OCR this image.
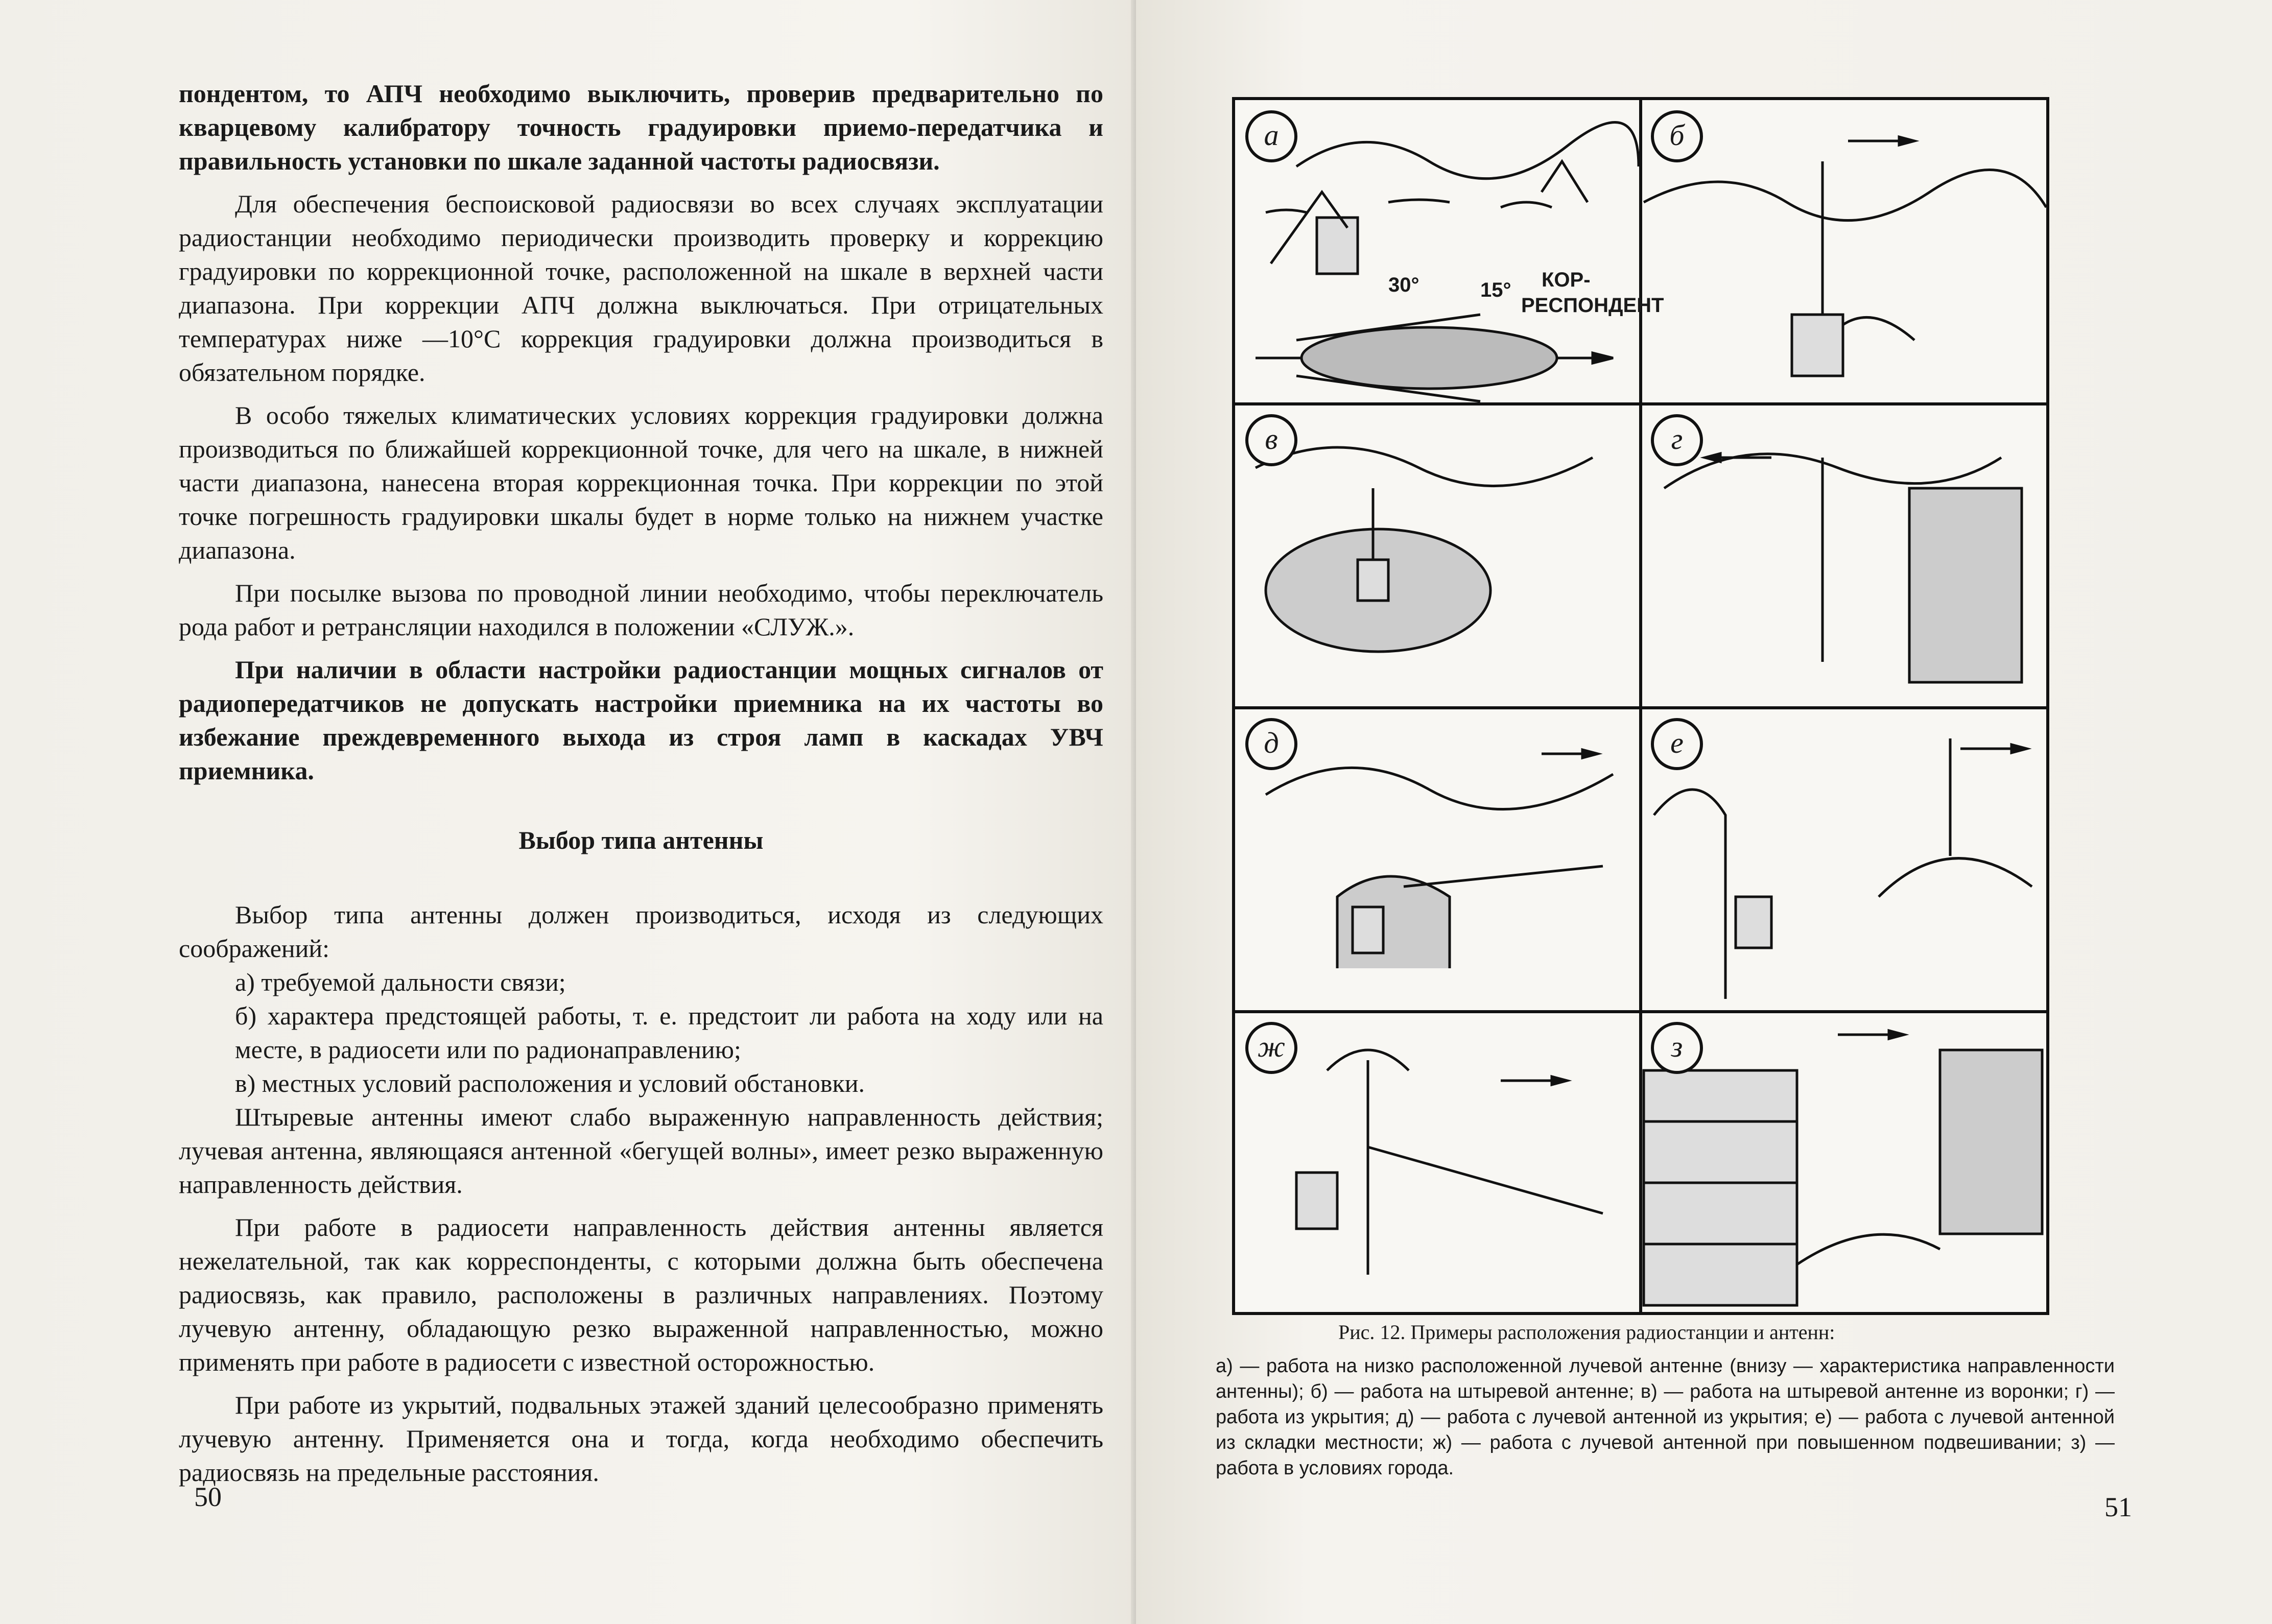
пондентом, то АПЧ необходимо выключить, проверив предварительно по кварцевому калибратору точность градуировки приемо-передатчика и правильность установки по шкале заданной частоты радиосвязи.

Для обеспечения беспоисковой радиосвязи во всех случаях эксплуатации радиостанции необходимо периодически производить проверку и коррекцию градуировки по коррекционной точке, расположенной на шкале в верхней части диапазона. При коррекции АПЧ должна выключаться. При отрицательных температурах ниже —10°С коррекция градуировки должна производиться в обязательном порядке.

В особо тяжелых климатических условиях коррекция градуировки должна производиться по ближайшей коррекционной точке, для чего на шкале, в нижней части диапазона, нанесена вторая коррекционная точка. При коррекции по этой точке погрешность градуировки шкалы будет в норме только на нижнем участке диапазона.

При посылке вызова по проводной линии необходимо, чтобы переключатель рода работ и ретрансляции находился в положении «СЛУЖ.».

При наличии в области настройки радиостанции мощных сигналов от радиопередатчиков не допускать настройки приемника на их частоты во избежание преждевременного выхода из строя ламп в каскадах УВЧ приемника.

Выбор типа антенны

Выбор типа антенны должен производиться, исходя из следующих соображений:

а) требуемой дальности связи;

б) характера предстоящей работы, т. е. предстоит ли работа на ходу или на месте, в радиосети или по радионаправлению;

в) местных условий расположения и условий обстановки.

Штыревые антенны имеют слабо выраженную направленность действия; лучевая антенна, являющаяся антенной «бегущей волны», имеет резко выраженную направленность действия.

При работе в радиосети направленность действия антенны является нежелательной, так как корреспонденты, с которыми должна быть обеспечена радиосвязь, как правило, расположены в различных направлениях. Поэтому лучевую антенну, обладающую резко выраженной направленностью, можно применять при работе в радиосети с известной осторожностью.

При работе из укрытий, подвальных этажей зданий целесообразно применять лучевую антенну. Применяется она и тогда, когда необходимо обеспечить радиосвязь на предельные расстояния.

50
а	б
в	г
д	е
ж	з
30°	15° КОР-
РЕСПОНДЕНТ
Рис. 12. Примеры расположения радиостанции и антенн:
а) — работа на низко расположенной лучевой антенне (внизу — характеристика направленности антенны); б) — работа на штыревой антенне; в) — работа на штыревой антенне из воронки; г) — работа из укрытия; д) — работа с лучевой антенной из укрытия; е) — работа с лучевой антенной из складки местности; ж) — работа с лучевой антенной при повышенном подвешивании; з) — работа в условиях города.
51
